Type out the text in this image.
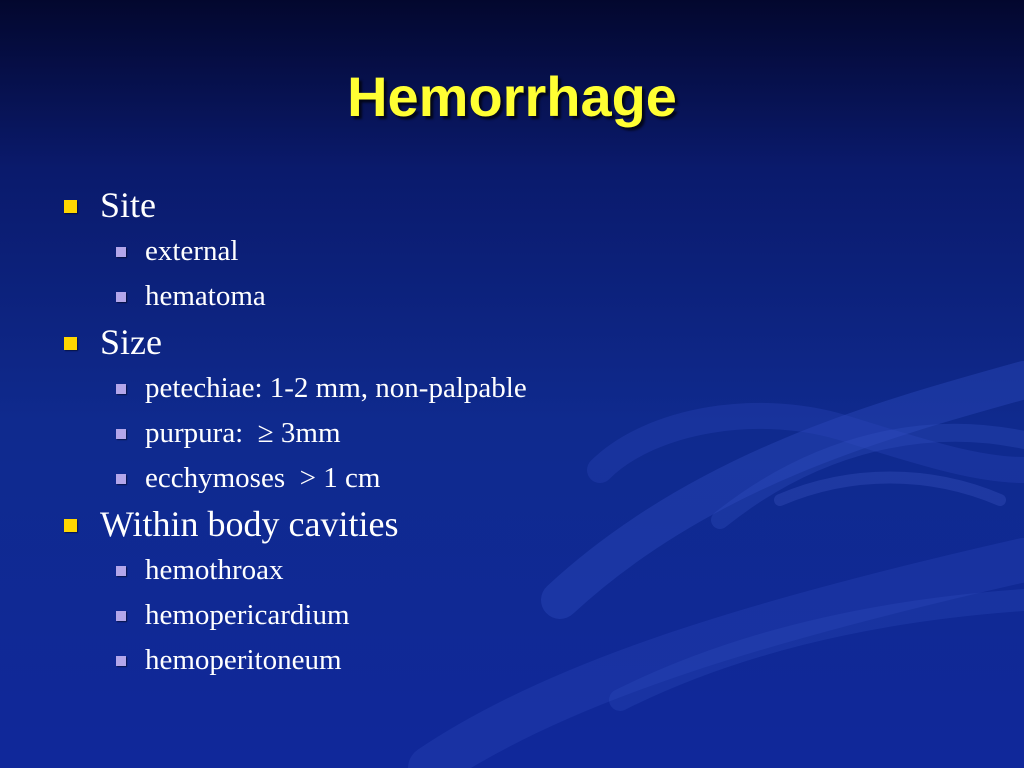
Hemorrhage
Site
external
hematoma
Size
petechiae: 1-2 mm, non-palpable
purpura:  ≥ 3mm
ecchymoses  > 1 cm
Within body cavities
hemothroax
hemopericardium
hemoperitoneum
